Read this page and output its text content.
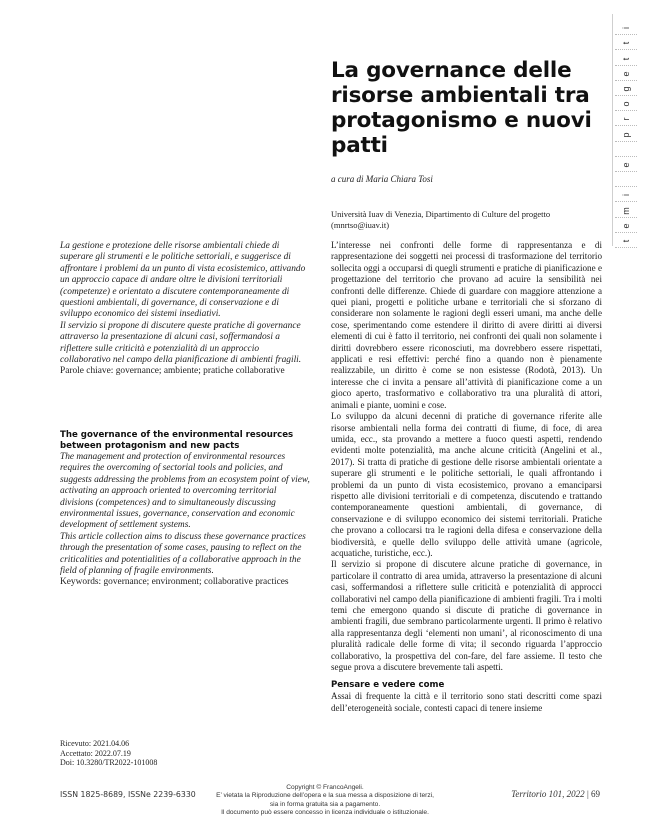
t
e
m
i
e
p
r
o
g
e
t
t
i
La governance delle risorse ambientali tra protagonismo e nuovi patti
a cura di Maria Chiara Tosi
Università Iuav di Venezia, Dipartimento di Culture del progetto (mnrtso@iuav.it)

La gestione e protezione delle risorse ambientali chiede di superare gli strumenti e le politiche settoriali, e suggerisce di affrontare i problemi da un punto di vista ecosistemico, attivando un approccio capace di andare oltre le divisioni territoriali (competenze) e orientato a discutere contemporaneamente di questioni ambientali, di governance, di conservazione e di sviluppo economico dei sistemi insediativi.

Il servizio si propone di discutere queste pratiche di governance attraverso la presentazione di alcuni casi, soffermandosi a riflettere sulle criticità e potenzialità di un approccio collaborativo nel campo della pianificazione di ambienti fragili.

Parole chiave: governance; ambiente; pratiche collaborative

The governance of the environmental resources between protagonism and new pacts

The management and protection of environmental resources requires the overcoming of sectorial tools and policies, and suggests addressing the problems from an ecosystem point of view, activating an approach oriented to overcoming territorial divisions (competences) and to simultaneously discussing environmental issues, governance, conservation and economic development of settlement systems.

This article collection aims to discuss these governance practices through the presentation of some cases, pausing to reflect on the criticalities and potentialities of a collaborative approach in the field of planning of fragile environments.

Keywords: governance; environment; collaborative practices

Ricevuto: 2021.04.06
Accettato: 2022.07.19
Doi: 10.3280/TR2022-101008

L’interesse nei confronti delle forme di rappresentanza e di rappresentazione dei soggetti nei processi di trasformazione del territorio sollecita oggi a occuparsi di quegli strumenti e pratiche di pianificazione e progettazione del territorio che provano ad acuire la sensibilità nei confronti delle differenze. Chiede di guardare con maggiore attenzione a quei piani, progetti e politiche urbane e territoriali che si sforzano di considerare non solamente le ragioni degli esseri umani, ma anche delle cose, sperimentando come estendere il diritto di avere diritti ai diversi elementi di cui è fatto il territorio, nei confronti dei quali non solamente i diritti dovrebbero essere riconosciuti, ma dovrebbero essere rispettati, applicati e resi effettivi: perché fino a quando non è pienamente realizzabile, un diritto è come se non esistesse (Rodotà, 2013). Un interesse che ci invita a pensare all’attività di pianificazione come a un gioco aperto, trasformativo e collaborativo tra una pluralità di attori, animali e piante, uomini e cose.

Lo sviluppo da alcuni decenni di pratiche di governance riferite alle risorse ambientali nella forma dei contratti di fiume, di foce, di area umida, ecc., sta provando a mettere a fuoco questi aspetti, rendendo evidenti molte potenzialità, ma anche alcune criticità (Angelini et al., 2017). Si tratta di pratiche di gestione delle risorse ambientali orientate a superare gli strumenti e le politiche settoriali, le quali affrontando i problemi da un punto di vista ecosistemico, provano a emanciparsi rispetto alle divisioni territoriali e di competenza, discutendo e trattando contemporaneamente questioni ambientali, di governance, di conservazione e di sviluppo economico dei sistemi territoriali. Pratiche che provano a collocarsi tra le ragioni della difesa e conservazione della biodiversità, e quelle dello sviluppo delle attività umane (agricole, acquatiche, turistiche, ecc.).

Il servizio si propone di discutere alcune pratiche di governance, in particolare il contratto di area umida, attraverso la presentazione di alcuni casi, soffermandosi a riflettere sulle criticità e potenzialità di approcci collaborativi nel campo della pianificazione di ambienti fragili. Tra i molti temi che emergono quando si discute di pratiche di governance in ambienti fragili, due sembrano particolarmente urgenti. Il primo è relativo alla rappresentanza degli ‘elementi non umani’, al riconoscimento di una pluralità radicale delle forme di vita; il secondo riguarda l’approccio collaborativo, la prospettiva del con-fare, del fare assieme. Il testo che segue prova a discutere brevemente tali aspetti.

Pensare e vedere come

Assai di frequente la città e il territorio sono stati descritti come spazi dell’eterogeneità sociale, contesti capaci di tenere insieme

ISSN 1825-8689, ISSNe 2239-6330
Copyright © FrancoAngeli.
E’ vietata la Riproduzione dell’opera e la sua messa a disposizione di terzi,
sia in forma gratuita sia a pagamento.
Il documento può essere concesso in licenza individuale o istituzionale.
Territorio 101, 2022 | 69
